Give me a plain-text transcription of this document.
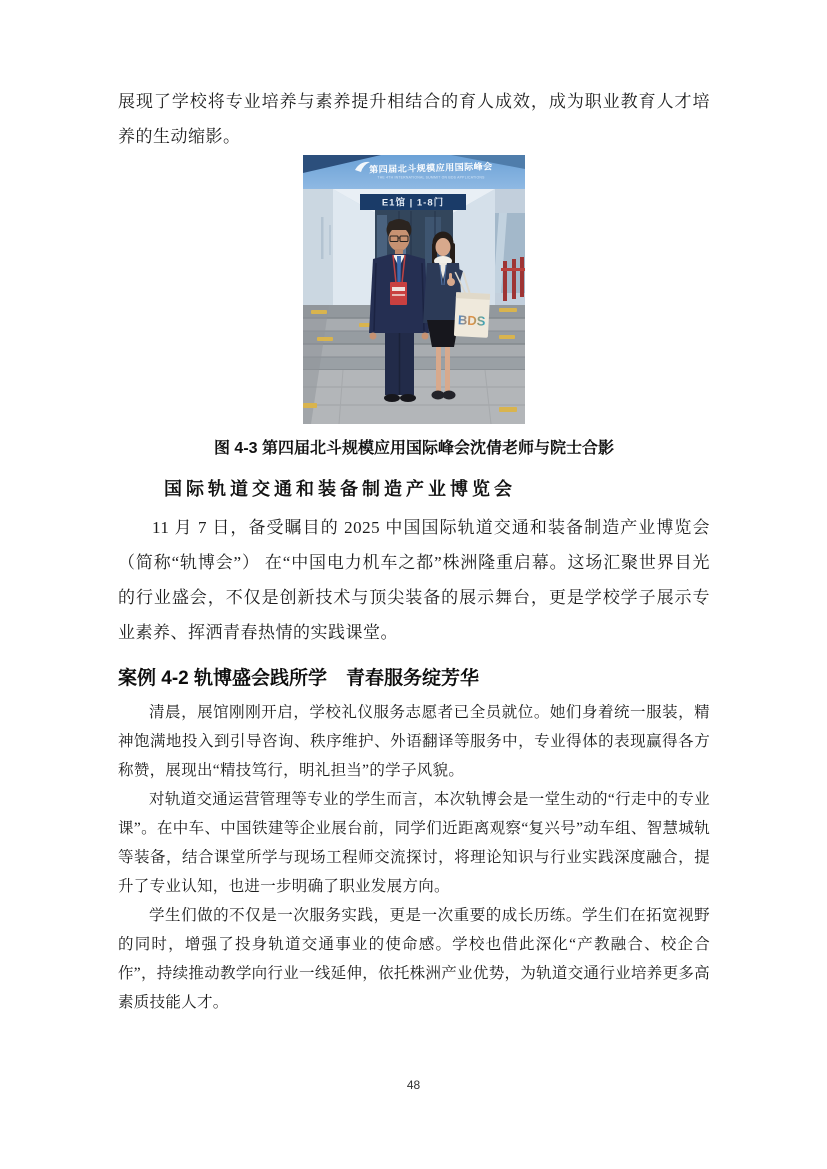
展现了学校将专业培养与素养提升相结合的育人成效，成为职业教育人才培养的生动缩影。

第四届北斗规模应用国际峰会
THE 4TH INTERNATIONAL SUMMIT ON BDS APPLICATIONS
E1馆 | 1-8门
BDS
图 4-3 第四届北斗规模应用国际峰会沈倩老师与院士合影
国际轨道交通和装备制造产业博览会

11 月 7 日，备受瞩目的 2025 中国国际轨道交通和装备制造产业博览会（简称“轨博会”） 在“中国电力机车之都”株洲隆重启幕。这场汇聚世界目光的行业盛会，不仅是创新技术与顶尖装备的展示舞台，更是学校学子展示专业素养、挥洒青春热情的实践课堂。

案例 4-2 轨博盛会践所学　青春服务绽芳华

清晨，展馆刚刚开启，学校礼仪服务志愿者已全员就位。她们身着统一服装，精神饱满地投入到引导咨询、秩序维护、外语翻译等服务中，专业得体的表现赢得各方称赞，展现出“精技笃行，明礼担当”的学子风貌。

对轨道交通运营管理等专业的学生而言，本次轨博会是一堂生动的“行走中的专业课”。在中车、中国铁建等企业展台前，同学们近距离观察“复兴号”动车组、智慧城轨等装备，结合课堂所学与现场工程师交流探讨，将理论知识与行业实践深度融合，提升了专业认知，也进一步明确了职业发展方向。

学生们做的不仅是一次服务实践，更是一次重要的成长历练。学生们在拓宽视野的同时，增强了投身轨道交通事业的使命感。学校也借此深化“产教融合、校企合作”，持续推动教学向行业一线延伸，依托株洲产业优势，为轨道交通行业培养更多高素质技能人才。

48
